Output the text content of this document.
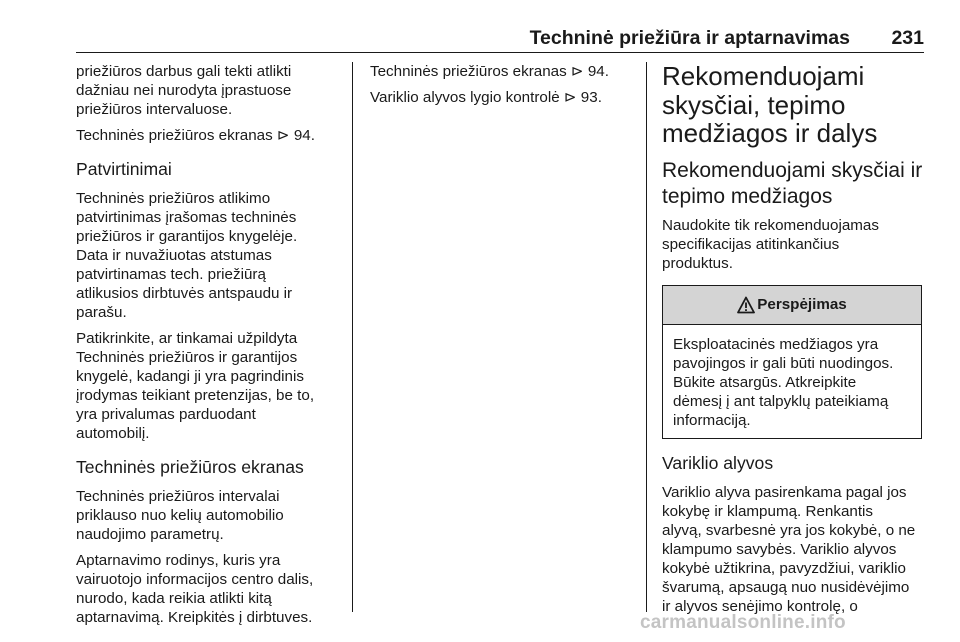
Techninė priežiūra ir aptarnavimas 231

priežiūros darbus gali tekti atlikti
dažniau nei nurodyta įprastuose
priežiūros intervaluose.

Techninės priežiūros ekranas ⊳ 94.

Patvirtinimai

Techninės priežiūros atlikimo
patvirtinimas įrašomas techninės
priežiūros ir garantijos knygelėje.
Data ir nuvažiuotas atstumas
patvirtinamas tech. priežiūrą
atlikusios dirbtuvės antspaudu ir
parašu.

Patikrinkite, ar tinkamai užpildyta
Techninės priežiūros ir garantijos
knygelė, kadangi ji yra pagrindinis
įrodymas teikiant pretenzijas, be to,
yra privalumas parduodant
automobilį.

Techninės priežiūros ekranas

Techninės priežiūros intervalai
priklauso nuo kelių automobilio
naudojimo parametrų.

Aptarnavimo rodinys, kuris yra
vairuotojo informacijos centro dalis,
nurodo, kada reikia atlikti kitą
aptarnavimą. Kreipkitės į dirbtuves.

Techninės priežiūros ekranas ⊳ 94.

Variklio alyvos lygio kontrolė ⊳ 93.

Rekomenduojami
skysčiai, tepimo
medžiagos ir dalys
Rekomenduojami skysčiai ir
tepimo medžiagos

Naudokite tik rekomenduojamas
specifikacijas atitinkančius
produktus.

Perspėjimas

Eksploatacinės medžiagos yra
pavojingos ir gali būti nuodingos.
Būkite atsargūs. Atkreipkite
dėmesį į ant talpyklų pateikiamą
informaciją.

Variklio alyvos

Variklio alyva pasirenkama pagal jos
kokybę ir klampumą. Renkantis
alyvą, svarbesnė yra jos kokybė, o ne
klampumo savybės. Variklio alyvos
kokybė užtikrina, pavyzdžiui, variklio
švarumą, apsaugą nuo nusidėvėjimo
ir alyvos senėjimo kontrolę, o

carmanualsonline.info
